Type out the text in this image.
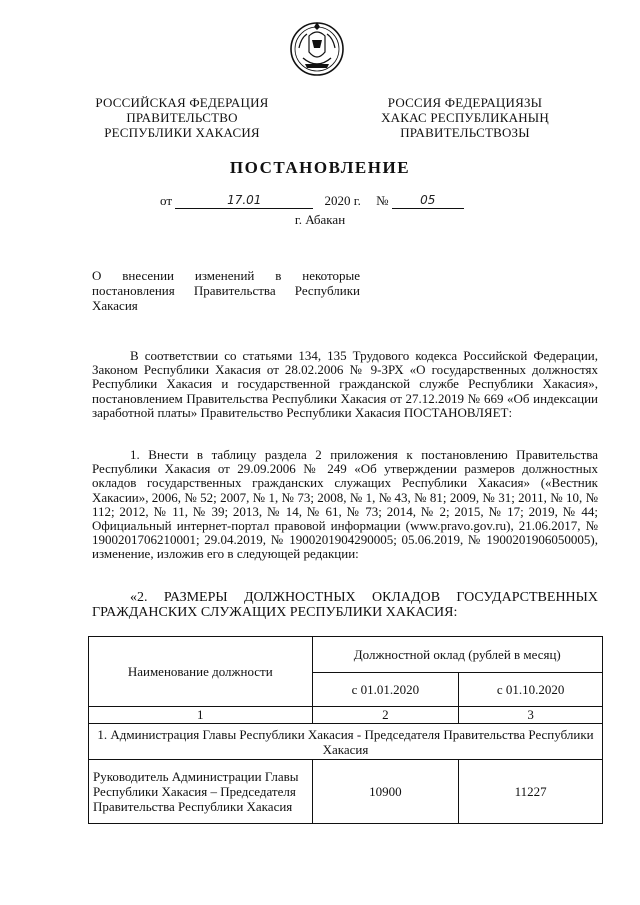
РОССИЙСКАЯ ФЕДЕРАЦИЯ
ПРАВИТЕЛЬСТВО
РЕСПУБЛИКИ ХАКАСИЯ
РОССИЯ ФЕДЕРАЦИЯЗЫ
ХАКАС РЕСПУБЛИКАНЫҢ
ПРАВИТЕЛЬСТВОЗЫ
ПОСТАНОВЛЕНИЕ
от	17.01	2020 г. №	05
г. Абакан
О внесении изменений в некоторые постановления Правительства Республики Хакасия
В соответствии со статьями 134, 135 Трудового кодекса Российской Федерации, Законом Республики Хакасия от 28.02.2006 № 9-ЗРХ «О государственных должностях Республики Хакасия и государственной гражданской службе Республики Хакасия», постановлением Правительства Республики Хакасия от 27.12.2019 № 669 «Об индексации заработной платы» Правительство Республики Хакасия ПОСТАНОВЛЯЕТ:
1. Внести в таблицу раздела 2 приложения к постановлению Правительства Республики Хакасия от 29.09.2006 № 249 «Об утверждении размеров должностных окладов государственных гражданских служащих Республики Хакасия» («Вестник Хакасии», 2006, № 52; 2007, № 1, № 73; 2008, № 1, № 43, № 81; 2009, № 31; 2011, № 10, № 112; 2012, № 11, № 39; 2013, № 14, № 61, № 73; 2014, № 2; 2015, № 17; 2019, № 44; Официальный интернет-портал правовой информации (www.pravo.gov.ru), 21.06.2017, № 1900201706210001; 29.04.2019, № 1900201904290005; 05.06.2019, № 1900201906050005), изменение, изложив его в следующей редакции:
«2. РАЗМЕРЫ ДОЛЖНОСТНЫХ ОКЛАДОВ ГОСУДАРСТВЕННЫХ ГРАЖДАНСКИХ СЛУЖАЩИХ РЕСПУБЛИКИ ХАКАСИЯ:
Наименование должности	Должностной оклад (рублей в месяц)	
	с 01.01.2020	с 01.10.2020
1	2	3
1. Администрация Главы Республики Хакасия - Председателя Правительства Республики Хакасия		
Руководитель Администрации Главы Республики Хакасия – Председателя Правительства Республики Хакасия	10900	11227
